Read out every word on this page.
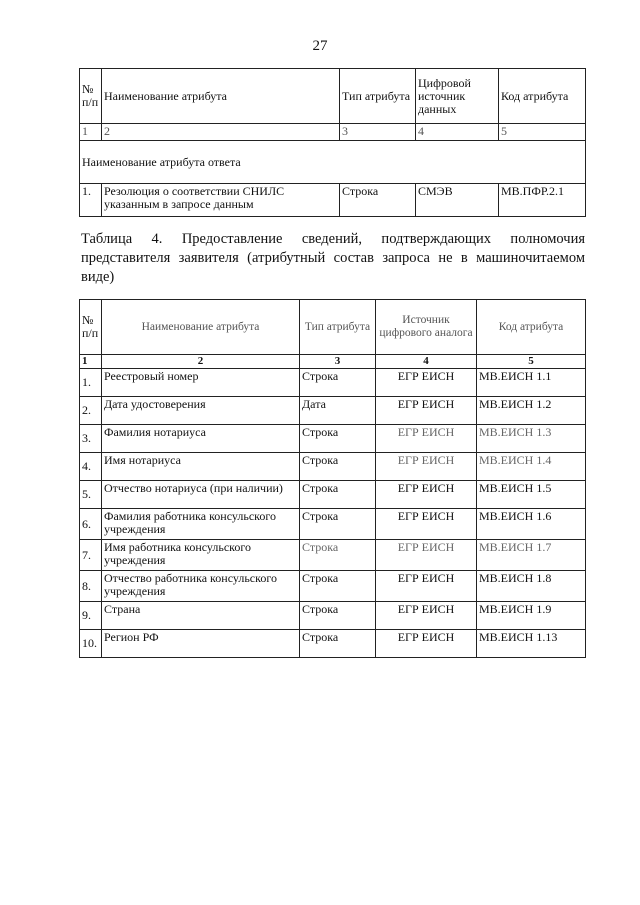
27
№ п/п	Наименование атрибута	Тип атрибута	Цифровой источник данных	Код атрибута
1	2	3	4	5
Наименование атрибута ответа				
1.	Резолюция о соответствии СНИЛС указанным в запросе данным	Строка	СМЭВ	МВ.ПФР.2.1
Таблица 4. Предоставление сведений, подтверждающих полномочия представителя заявителя (атрибутный состав запроса не в машиночитаемом виде)
№ п/п	Наименование атрибута	Тип атрибута	Источник цифрового аналога	Код атрибута
1	2	3	4	5
1.	Реестровый номер	Строка	ЕГР ЕИСН	МВ.ЕИСН 1.1
2.	Дата удостоверения	Дата	ЕГР ЕИСН	МВ.ЕИСН 1.2
3.	Фамилия нотариуса	Строка	ЕГР ЕИСН	МВ.ЕИСН 1.3
4.	Имя нотариуса	Строка	ЕГР ЕИСН	МВ.ЕИСН 1.4
5.	Отчество нотариуса (при наличии)	Строка	ЕГР ЕИСН	МВ.ЕИСН 1.5
6.	Фамилия работника консульского учреждения	Строка	ЕГР ЕИСН	МВ.ЕИСН 1.6
7.	Имя работника консульского учреждения	Строка	ЕГР ЕИСН	МВ.ЕИСН 1.7
8.	Отчество работника консульского учреждения	Строка	ЕГР ЕИСН	МВ.ЕИСН 1.8
9.	Страна	Строка	ЕГР ЕИСН	МВ.ЕИСН 1.9
10.	Регион РФ	Строка	ЕГР ЕИСН	МВ.ЕИСН 1.13
